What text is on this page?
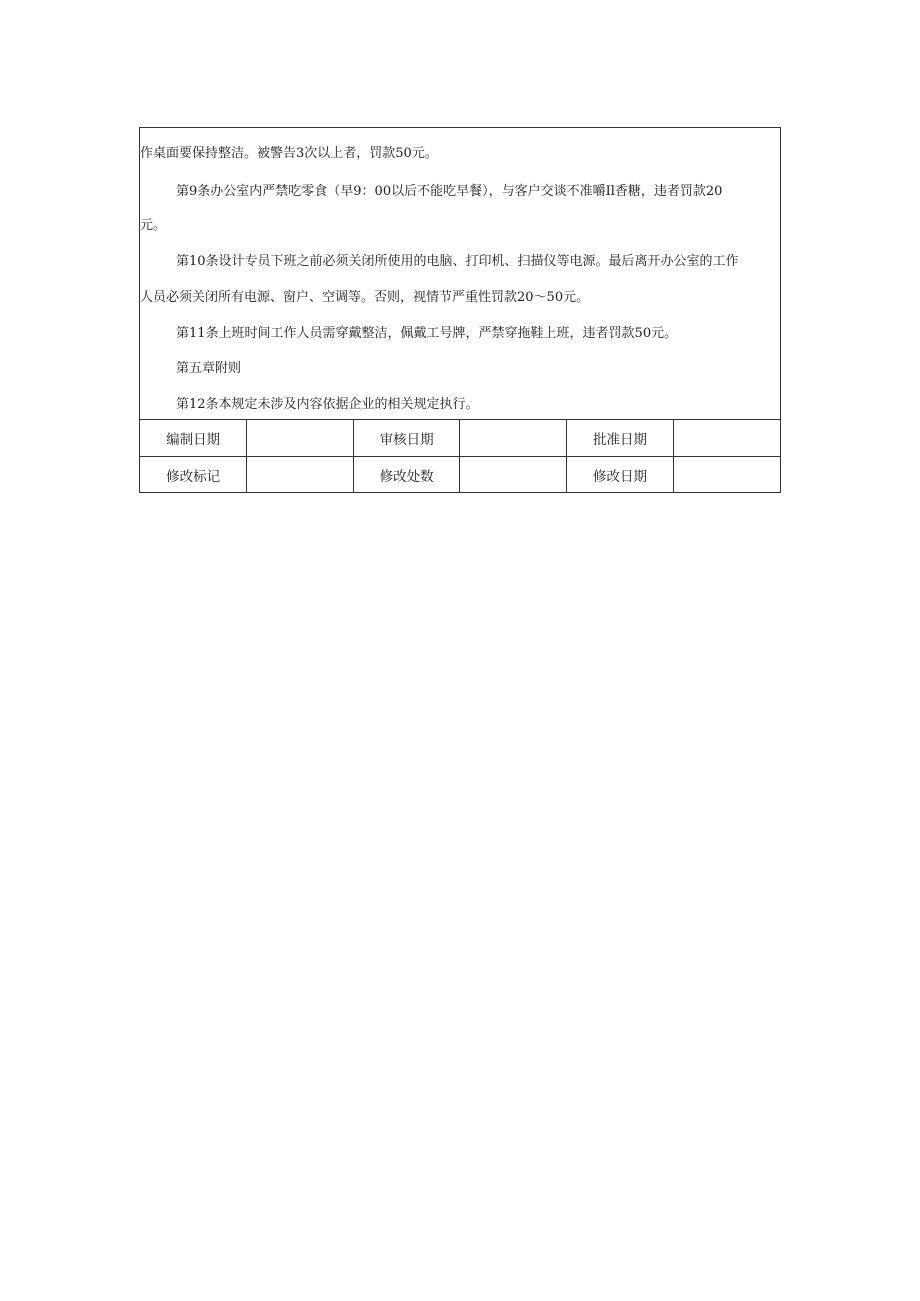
作桌面要保持整洁。被警告3次以上者，罚款50元。
第9条办公室内严禁吃零食（早9：00以后不能吃早餐），与客户交谈不准嚼Il香糖，违者罚款20
元。
第10条设计专员下班之前必须关闭所使用的电脑、打印机、扫描仪等电源。最后离开办公室的工作
人员必须关闭所有电源、窗户、空调等。否则，视情节严重性罚款20〜50元。
第11条上班时间工作人员需穿戴整洁，佩戴工号牌，严禁穿拖鞋上班，违者罚款50元。
第五章附则
第12条本规定未涉及内容依据企业的相关规定执行。
编制日期		审核日期		批准日期	
修改标记		修改处数		修改日期	
